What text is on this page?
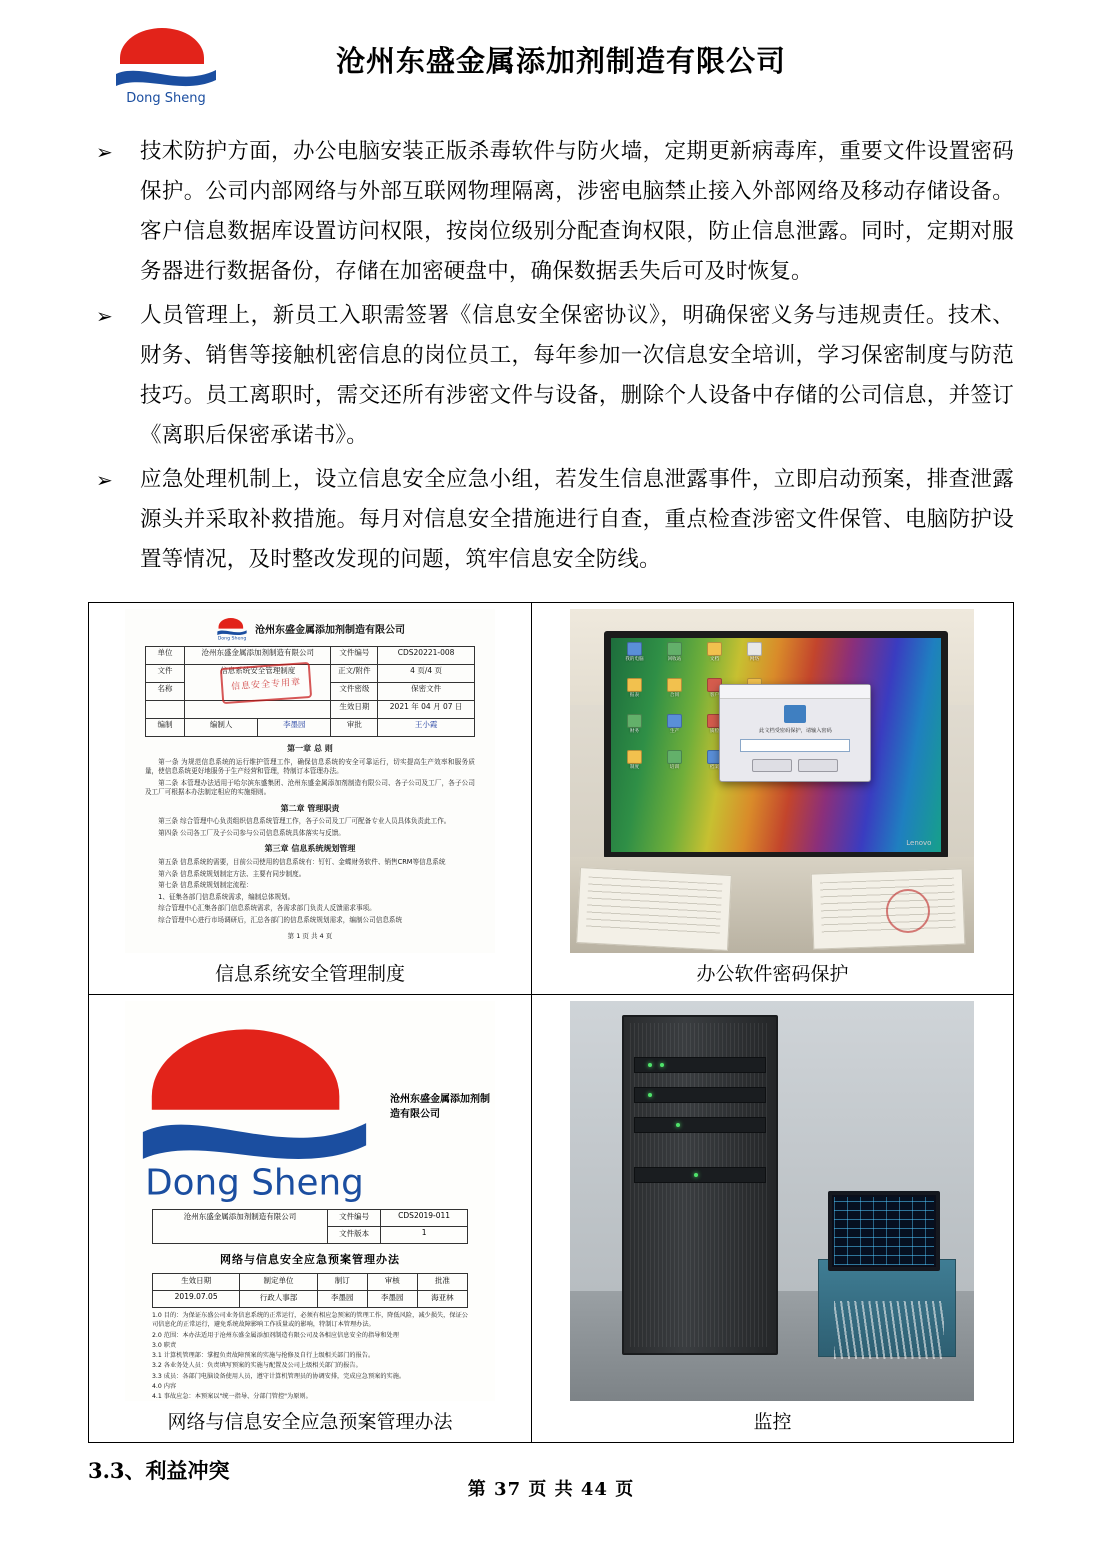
Dong Sheng
沧州东盛金属添加剂制造有限公司
➢	技术防护方面，办公电脑安装正版杀毒软件与防火墙，定期更新病毒库，重要文件设置密码保护。公司内部网络与外部互联网物理隔离，涉密电脑禁止接入外部网络及移动存储设备。客户信息数据库设置访问权限，按岗位级别分配查询权限，防止信息泄露。同时，定期对服务器进行数据备份，存储在加密硬盘中，确保数据丢失后可及时恢复。
➢	人员管理上，新员工入职需签署《信息安全保密协议》，明确保密义务与违规责任。技术、财务、销售等接触机密信息的岗位员工，每年参加一次信息安全培训，学习保密制度与防范技巧。员工离职时，需交还所有涉密文件与设备，删除个人设备中存储的公司信息，并签订《离职后保密承诺书》。
➢	应急处理机制上，设立信息安全应急小组，若发生信息泄露事件，立即启动预案，排查泄露源头并采取补救措施。每月对信息安全措施进行自查，重点检查涉密文件保管、电脑防护设置等情况，及时整改发现的问题，筑牢信息安全防线。
Dong Sheng
沧州东盛金属添加剂制造有限公司
单位	沧州东盛金属添加剂制造有限公司	文件编号	CDS20221-008
文件	信息系统安全管理制度	正文/附件	4 页/4 页
名称	文件密级	保密文件
		生效日期	2021 年 04 月 07 日
编制	编制人	李墨园	审批	王小霞
信息安全专用章
第一章 总 则

第一条 为规范信息系统的运行维护管理工作，确保信息系统的安全可靠运行，切实提高生产效率和服务质量，使信息系统更好地服务于生产经营和管理，特制订本管理办法。

第二条 本管理办法适用于哈尔滨东盛集团、沧州东盛金属添加剂制造有限公司、各子公司及工厂，各子公司及工厂可根据本办法制定相应的实施细则。

第二章 管理职责

第三条 综合管理中心负责组织信息系统管理工作，各子公司及工厂可配备专业人员具体负责此工作。

第四条 公司各工厂及子公司参与公司信息系统具体落实与反馈。

第三章 信息系统规划管理

第五条 信息系统的需要，目前公司使用的信息系统有：钉钉、金蝶财务软件、销售CRM等信息系统

第六条 信息系统规划制定方法、主要有同步制度。

第七条 信息系统规划制定流程：

1、征集各部门信息系统需求，编制总体规划。

综合管理中心汇集各部门信息系统需求，各需求部门负责人反馈需求事项。

综合管理中心进行市场调研后，汇总各部门的信息系统规划需求，编制公司信息系统

第 1 页 共 4 页
信息系统安全管理制度

我的电脑	回收站	文档	网络
报表	合同	客户
财务	生产	质检
制度	培训	档案
此文档受密码保护，请输入密码
Lenovo
办公软件密码保护

Dong Sheng
沧州东盛金属添加剂制造有限公司
沧州东盛金属添加剂制造有限公司	文件编号	CDS2019-011
文件版本	1
网络与信息安全应急预案管理办法
生效日期	制定单位	制订	审核	批准
2019.07.05	行政人事部	李墨园	李墨园	海亚林

1.0 目的：为保证东盛公司业务信息系统的正常运行，必须有相应急预案的管理工作，降低风险，减少损失，保证公司信息化的正常运行，避免系统故障影响工作质量或的影响，特制订本管理办法。

2.0 范围：本办法适用于沧州东盛金属添加剂制造有限公司及各相应信息安全的指导和处理

3.0 职责

3.1 计算机管理部：掌握负责故障预案的实施与抢修及自行上级相关部门的报告。

3.2 各业务处人员：负责填写预案的实施与配置及公司上级相关部门的报告。

3.3 成员：各部门电脑设备使用人员，遵守计算机管理员的协调安排，完成应急预案的实施。

4.0 内容

4.1 事故应急：本预案以"统一指导、分部门管控"为原则。

网络与信息安全应急预案管理办法	监控
3.3、利益冲突
第 37 页 共 44 页
